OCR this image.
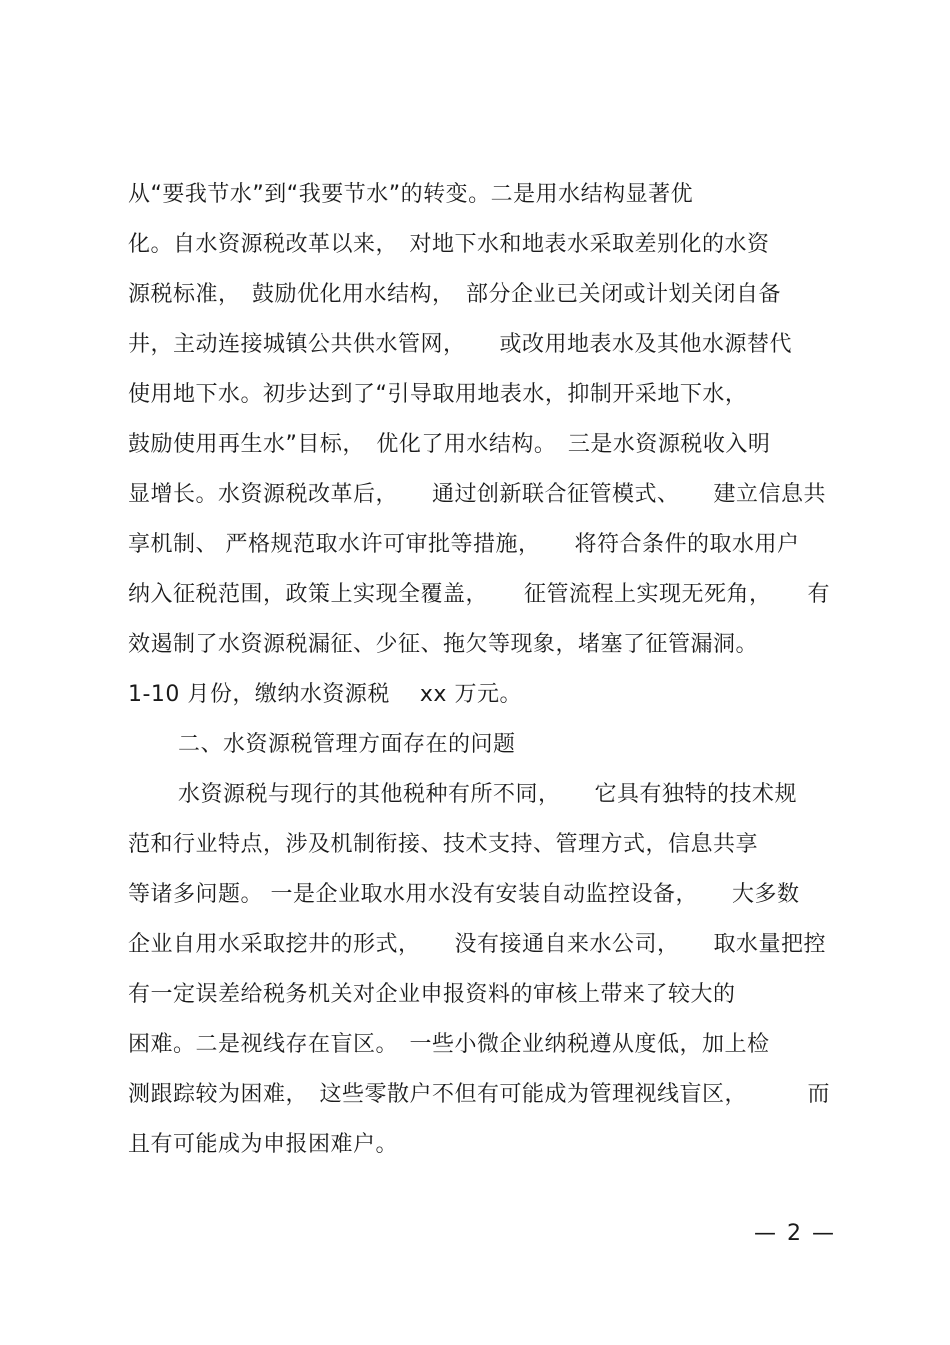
从“要我节水”到“我要节水”的转变。二是用水结构显著优
化。自水资源税改革以来，　对地下水和地表水采取差别化的水资
源税标准，　鼓励优化用水结构，　部分企业已关闭或计划关闭自备
井，主动连接城镇公共供水管网，　　或改用地表水及其他水源替代
使用地下水。初步达到了“引导取用地表水，抑制开采地下水，
鼓励使用再生水”目标，　优化了用水结构。　三是水资源税收入明
显增长。水资源税改革后，　　通过创新联合征管模式、　　建立信息共
享机制、 严格规范取水许可审批等措施，　　将符合条件的取水用户
纳入征税范围，政策上实现全覆盖， 征管流程上实现无死角， 有
效遏制了水资源税漏征、少征、拖欠等现象，堵塞了征管漏洞。
1-10 月份，缴纳水资源税　 xx 万元。
二、水资源税管理方面存在的问题
水资源税与现行的其他税种有所不同，　　它具有独特的技术规
范和行业特点，涉及机制衔接、技术支持、管理方式，信息共享
等诸多问题。 一是企业取水用水没有安装自动监控设备，　　大多数
企业自用水采取挖井的形式，　　没有接通自来水公司，　　取水量把控
有一定误差给税务机关对企业申报资料的审核上带来了较大的
困难。二是视线存在盲区。　一些小微企业纳税遵从度低，加上检
测跟踪较为困难，　这些零散户不但有可能成为管理视线盲区，	而
且有可能成为申报困难户。
— 2 —
